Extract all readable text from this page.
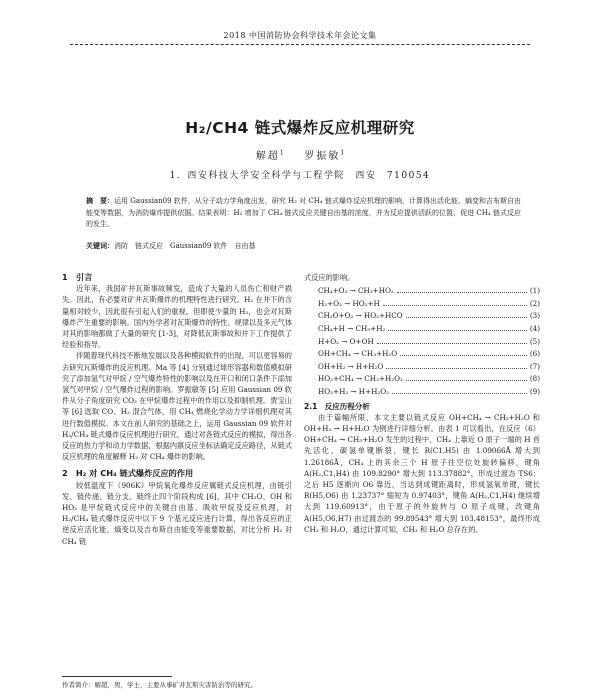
2018 中国消防协会科学技术年会论文集
H₂/CH4 链式爆炸反应机理研究
解超$^1$ 罗振敏$^1$
1．西安科技大学安全科学与工程学院　西安　710054
摘　要：运用 Gaussian09 软件，从分子动力学角度出发，研究 H₂ 对 CH₄ 链式爆炸反应机理的影响，计算得出活化能、熵变和吉布斯自由能变等数据，为消防爆炸提供依据。结果表明：H₂ 增加了 CH₄ 链式反应关键自由基的浓度，并为反应提供活跃的位置，促进 CH₄ 链式反应的发生。
关键词：消防　链式反应　Gaussian09 软件　自由基

1　引言

近年来，我国矿井瓦斯事故频发，造成了大量的人员伤亡和财产损失。因此，有必要对矿井瓦斯爆炸的机理特性进行研究。H₂ 在井下的含量相对较少，因此很有引起人们的重视，但即使少量的 H₂，也会对瓦斯爆炸产生重要的影响。国内外学者对瓦斯爆炸的特性、规律以及多元气体对其的影响都做了大量的研究 [1-3]，对降低瓦斯事故和井下工作提供了经验和指导。

伴随着现代科技不断地发展以及各种模拟软件的出现，可以更容易的去研究瓦斯爆炸的反应机理。Ma 等 [4] 分别通过球形容器和数值模拟研究了添加氢气对甲烷 / 空气爆炸特性的影响以及在开口和闭口条件下添加氢气对甲烷 / 空气爆炸过程的影响。罗振敏等 [5] 应用 Gaussian 09 软件从分子角度研究 CO₂ 在甲烷爆炸过程中的作用以及抑制机理。贾宝山等 [6] 选取 CO、H₂ 混合气体，用 CH₄ 燃烧化学动力学详细机理对其进行数值模拟。本文在前人研究的基础之上，运用 Gaussian 09 软件对 H₂/CH₄ 链式爆炸反应机理进行研究，通过对各链式反应的模拟，得出各反应的热力学和动力学数据，根据内禀反应坐标法确定反应路径，从链式反应机理的角度解释 H₂ 对 CH₄ 爆炸的影响。

2　H₂ 对 CH₄ 链式爆炸反应的作用

较低温度下（906K）甲烷氧化爆炸反应属链式反应机理，由链引发、链传递、链分支、链终止四个阶段构成 [6]，其中 CH₂O、OH 和 HO₂ 是甲烷链式反应中的关键自由基。吸收甲烷及反应机理，对 H₂/CH₄ 链式爆炸反应中以下 9 个基元反应进行计算，得出各反应的正逆反应活化能，熵变以及吉布斯自由能变等重要数据，对比分析 H₂ 对 CH₄ 链

式反应的影响。

CH₄+O₂ → CH₃+HO₂	(1)
H₂+O₂ → HO₂+H	(2)
CH₂O+O₂ → HO₂+HCO	(3)
CH₄+H → CH₃+H₂	(4)
H+O₂ → O+OH	(5)
OH+CH₄ → CH₃+H₂O	(6)
OH+H₂ → H+H₂O	(7)
HO₂+CH₄ → CH₃+H₂O₂	(8)
HO₂+H₂ → H+H₂O₂	(9)

2.1　反应历程分析

由于篇幅所限，本文主要以链式反应 OH+CH₄ → CH₃+H₂O 和 OH+H₂ → H+H₂O 为例进行详细分析。由表 1 可以看出，在反应（6）OH+CH₄ → CH₃+H₂O 发生的过程中，CH₄ 上靠近 O 原子一端的 H 首先活化，碳氢单键断裂，键长 R(C1,H5) 由 1.09066Å 增大到 1.26186Å，CH₄ 上的其余三个 H 原子往空位处旋转偏移，键角 A(H₂,C1,H4) 由 109.8290° 增大到 113.37882°，形成过渡态 TS6；之后 H5 逐渐向 O6 靠近，当达到成键距离时，形成氢氧单键，键长 R(H5,O6) 由 1.23737° 缩短为 0.97403°，键角 A(H₂,C1,H4) 继续增大到 119.60913°，由于原子的外旋转与 O 原子成键，改键角 A(H5,O6,H7) 由过渡态的 99.89543° 增大到 103.48153°，最终形成 CH₃ 和 H₂O，通过计算可知，CH₃ 和 H₂O 总存在的。

作者简介：解超，男，学士，主要从事矿井瓦斯灾害防治等的研究。
